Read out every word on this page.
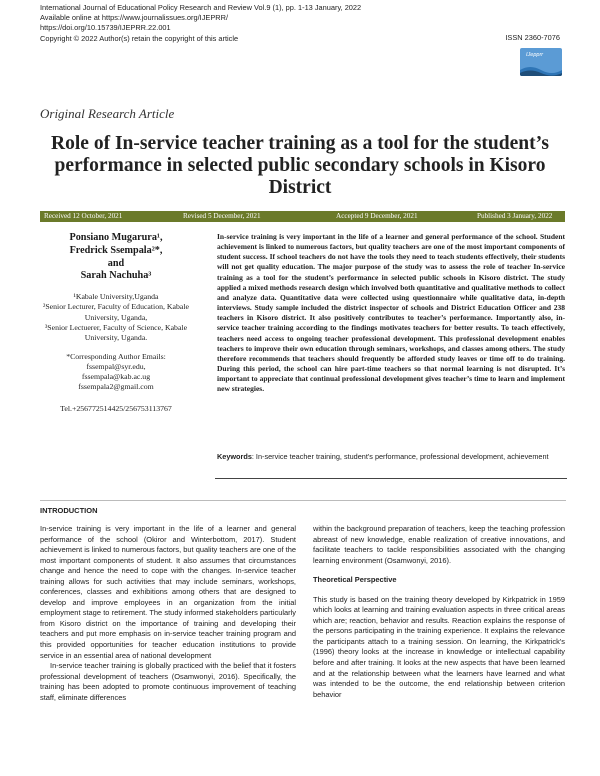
International Journal of Educational Policy Research and Review Vol.9 (1), pp. 1-13 January, 2022
Available online at https://www.journalissues.org/IJEPRR/
https://doi.org/10.15739/IJEPRR.22.001
Copyright © 2022 Author(s) retain the copyright of this article	ISSN 2360-7076
IJepprr
Original Research Article
Role of In-service teacher training as a tool for the student’s performance in selected public secondary schools in Kisoro District
Received 12 October, 2021	Revised 5 December, 2021	Accepted 9 December, 2021	Published 3 January, 2022
Ponsiano Mugarura¹,
Fredrick Ssempala²*,
and
Sarah Nachuha³
¹Kabale University,Uganda
²Senior Lecturer, Faculty of Education, Kabale University, Uganda,
³Senior Lectuerer, Faculty of Science, Kabale University, Uganda.
*Corresponding Author Emails:
fssempal@syr.edu,
fssempala@kab.ac.ug
fssempala2@gmail.com
Tel.+256772514425/256753113767
In-service training is very important in the life of a learner and general performance of the school. Student achievement is linked to numerous factors, but quality teachers are one of the most important components of student success. If school teachers do not have the tools they need to teach students effectively, their students will not get quality education. The major purpose of the study was to assess the role of teacher In-service training as a tool for the student’s performance in selected public schools in Kisoro district. The study applied a mixed methods research design which involved both quantitative and qualitative methods to collect and analyze data. Quantitative data were collected using questionnaire while qualitative data, in-depth interviews. Study sample included the district inspector of schools and District Education Officer and 238 teachers in Kisoro district. It also positively contributes to teacher’s performance. Importantly also, in-service teacher training according to the findings motivates teachers for better results. To teach effectively, teachers need access to ongoing teacher professional development. This professional development enables teachers to improve their own education through seminars, workshops, and classes among others. The study therefore recommends that teachers should frequently be afforded study leaves or time off to do training. During this period, the school can hire part-time teachers so that normal learning is not disrupted. It’s important to appreciate that continual professional development gives teacher’s time to learn and implement new strategies.
Keywords: In-service teacher training, student's performance, professional development, achievement
INTRODUCTION

In-service training is very important in the life of a learner and general performance of the school (Okiror and Winterbottom, 2017). Student achievement is linked to numerous factors, but quality teachers are one of the most important components of student. It also assumes that circumstances change and hence the need to cope with the changes. In-service teacher training allows for such activities that may include seminars, workshops, conferences, classes and exhibitions among others that are designed to develop and improve employees in an organization from the initial employment stage to retirement. The study informed stakeholders particularly from Kisoro district on the importance of training and developing their teachers and put more emphasis on in-service teacher training program and this provided opportunities for teacher education institutions to provide service in an essential area of national development

In-service teacher training is globally practiced with the belief that it fosters professional development of teachers (Osamwonyi, 2016). Specifically, the training has been adopted to promote continuous improvement of teaching staff, eliminate differences

within the background preparation of teachers, keep the teaching profession abreast of new knowledge, enable realization of creative innovations, and facilitate teachers to tackle responsibilities associated with the changing learning environment (Osamwonyi, 2016).

Theoretical Perspective

This study is based on the training theory developed by Kirkpatrick in 1959 which looks at learning and training evaluation aspects in three critical areas which are; reaction, behavior and results. Reaction explains the response of the persons participating in the training experience. It explains the relevance the participants attach to a training session. On learning, the Kirkpatrick's (1996) theory looks at the increase in knowledge or intellectual capability before and after training. It looks at the new aspects that have been learned and at the relationship between what the learners have learned and what was intended to be the outcome, the end relationship between criterion behavior
